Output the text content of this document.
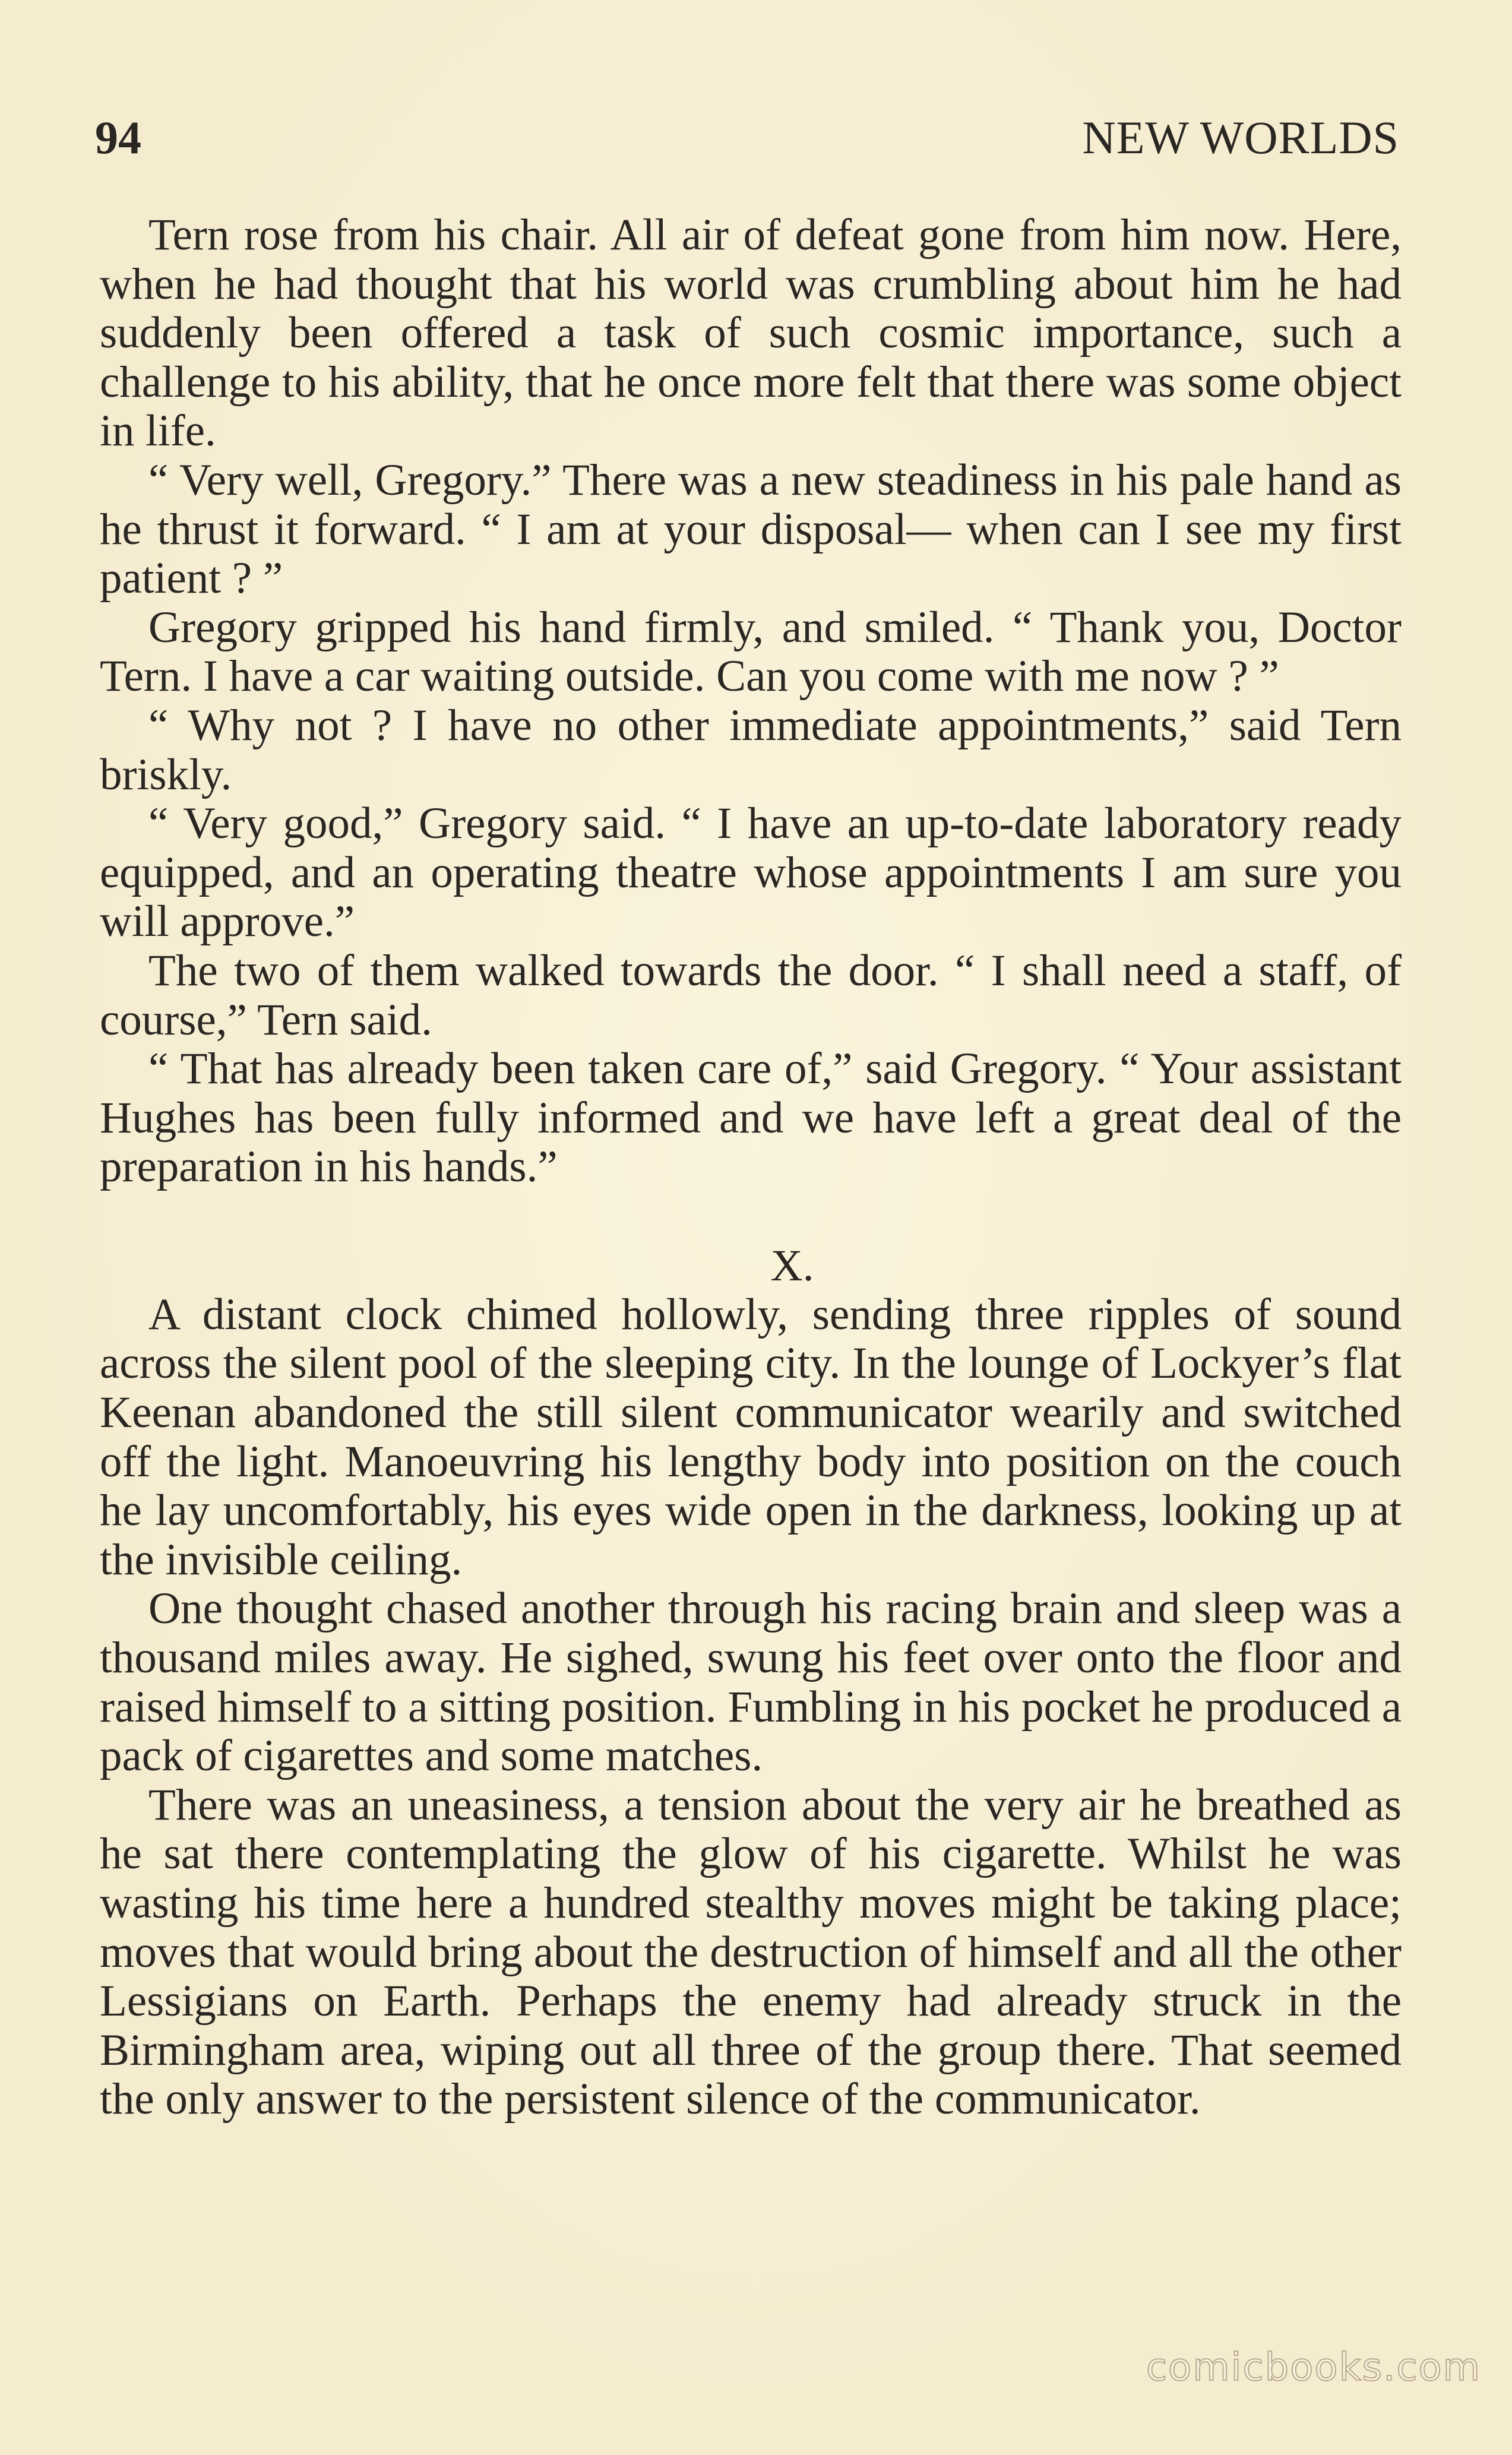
94	NEW WORLDS

Tern rose from his chair. All air of defeat gone from him now. Here, when he had thought that his world was crumbling about him he had suddenly been offered a task of such cosmic importance, such a challenge to his ability, that he once more felt that there was some object in life.

“ Very well, Gregory.” There was a new steadiness in his pale hand as he thrust it forward. “ I am at your disposal— when can I see my first patient ? ”

Gregory gripped his hand firmly, and smiled. “ Thank you, Doctor Tern. I have a car waiting outside. Can you come with me now ? ”

“ Why not ? I have no other immediate appointments,” said Tern briskly.

“ Very good,” Gregory said. “ I have an up-to-date laboratory ready equipped, and an operating theatre whose appointments I am sure you will approve.”

The two of them walked towards the door. “ I shall need a staff, of course,” Tern said.

“ That has already been taken care of,” said Gregory. “ Your assistant Hughes has been fully informed and we have left a great deal of the preparation in his hands.”

X.

A distant clock chimed hollowly, sending three ripples of sound across the silent pool of the sleeping city. In the lounge of Lockyer’s flat Keenan abandoned the still silent communicator wearily and switched off the light. Manoeuvring his lengthy body into position on the couch he lay uncomfortably, his eyes wide open in the darkness, looking up at the invisible ceiling.

One thought chased another through his racing brain and sleep was a thousand miles away. He sighed, swung his feet over onto the floor and raised himself to a sitting position. Fumbling in his pocket he produced a pack of cigarettes and some matches.

There was an uneasiness, a tension about the very air he breathed as he sat there contemplating the glow of his cigarette. Whilst he was wasting his time here a hundred stealthy moves might be taking place; moves that would bring about the destruction of himself and all the other Lessigians on Earth. Perhaps the enemy had already struck in the Birmingham area, wiping out all three of the group there. That seemed the only answer to the persistent silence of the communicator.

comicbooks.com
